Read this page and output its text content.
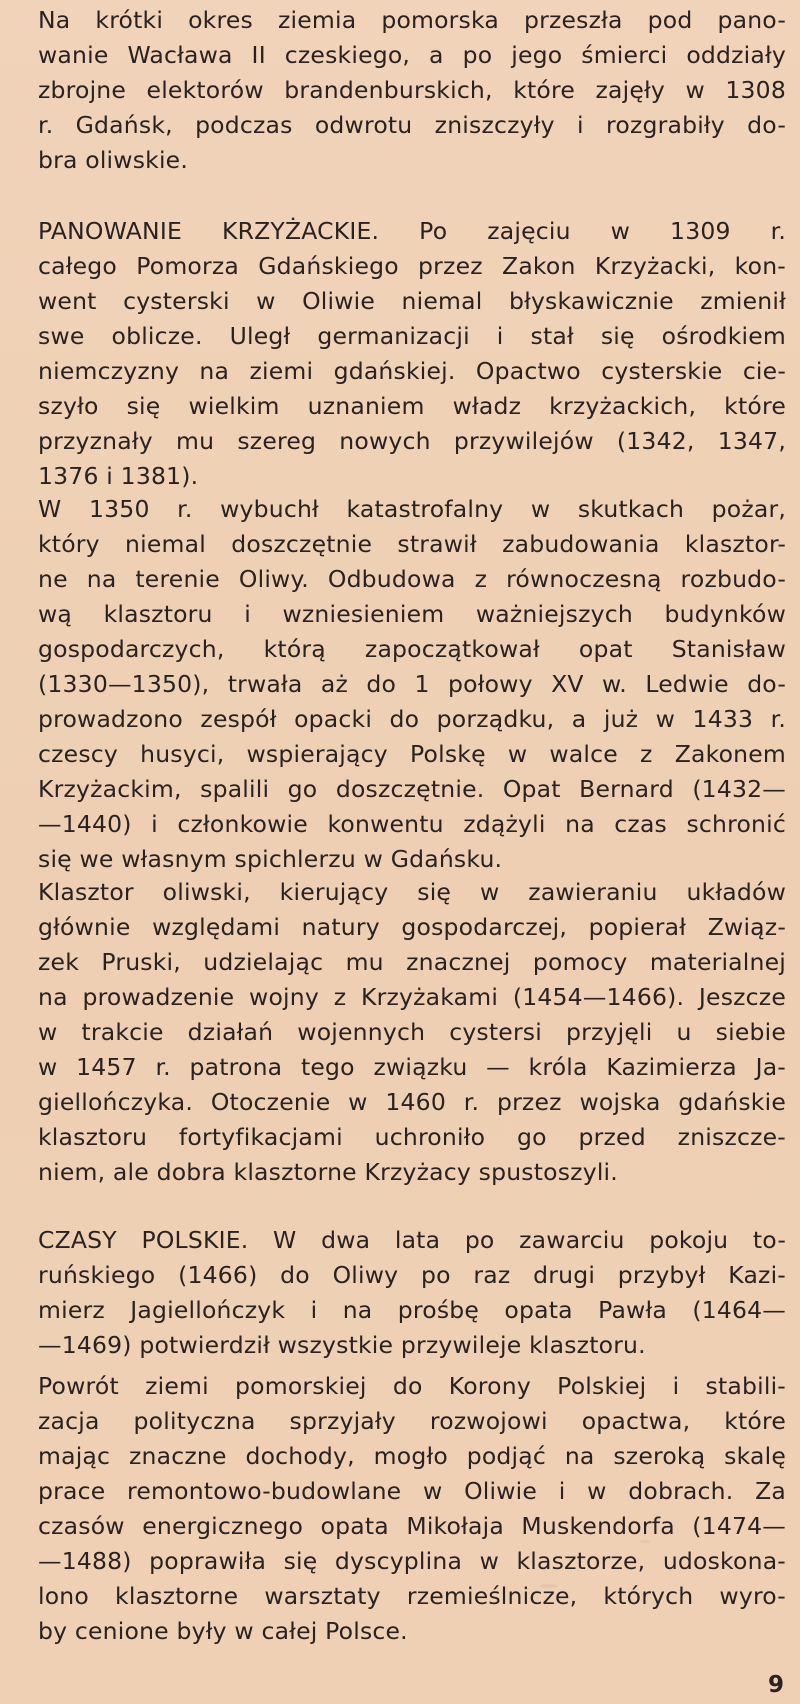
Na krótki okres ziemia pomorska przeszła pod pano-
wanie Wacława II czeskiego, a po jego śmierci oddziały
zbrojne elektorów brandenburskich, które zajęły w 1308
r. Gdańsk, podczas odwrotu zniszczyły i rozgrabiły do-
bra oliwskie.
PANOWANIE KRZYŻACKIE. Po zajęciu w 1309 r.
całego Pomorza Gdańskiego przez Zakon Krzyżacki, kon-
went cysterski w Oliwie niemal błyskawicznie zmienił
swe oblicze. Uległ germanizacji i stał się ośrodkiem
niemczyzny na ziemi gdańskiej. Opactwo cysterskie cie-
szyło się wielkim uznaniem władz krzyżackich, które
przyznały mu szereg nowych przywilejów (1342, 1347,
1376 i 1381).
W 1350 r. wybuchł katastrofalny w skutkach pożar,
który niemal doszczętnie strawił zabudowania klasztor-
ne na terenie Oliwy. Odbudowa z równoczesną rozbudo-
wą klasztoru i wzniesieniem ważniejszych budynków
gospodarczych, którą zapoczątkował opat Stanisław
(1330—1350), trwała aż do 1 połowy XV w. Ledwie do-
prowadzono zespół opacki do porządku, a już w 1433 r.
czescy husyci, wspierający Polskę w walce z Zakonem
Krzyżackim, spalili go doszczętnie. Opat Bernard (1432—
—1440) i członkowie konwentu zdążyli na czas schronić
się we własnym spichlerzu w Gdańsku.
Klasztor oliwski, kierujący się w zawieraniu układów
głównie względami natury gospodarczej, popierał Związ-
zek Pruski, udzielając mu znacznej pomocy materialnej
na prowadzenie wojny z Krzyżakami (1454—1466). Jeszcze
w trakcie działań wojennych cystersi przyjęli u siebie
w 1457 r. patrona tego związku — króla Kazimierza Ja-
giellończyka. Otoczenie w 1460 r. przez wojska gdańskie
klasztoru fortyfikacjami uchroniło go przed zniszcze-
niem, ale dobra klasztorne Krzyżacy spustoszyli.
CZASY POLSKIE. W dwa lata po zawarciu pokoju to-
ruńskiego (1466) do Oliwy po raz drugi przybył Kazi-
mierz Jagiellończyk i na prośbę opata Pawła (1464—
—1469) potwierdził wszystkie przywileje klasztoru.
Powrót ziemi pomorskiej do Korony Polskiej i stabili-
zacja polityczna sprzyjały rozwojowi opactwa, które
mając znaczne dochody, mogło podjąć na szeroką skalę
prace remontowo-budowlane w Oliwie i w dobrach. Za
czasów energicznego opata Mikołaja Muskendorfa (1474—
—1488) poprawiła się dyscyplina w klasztorze, udoskona-
lono klasztorne warsztaty rzemieślnicze, których wyro-
by cenione były w całej Polsce.
9
